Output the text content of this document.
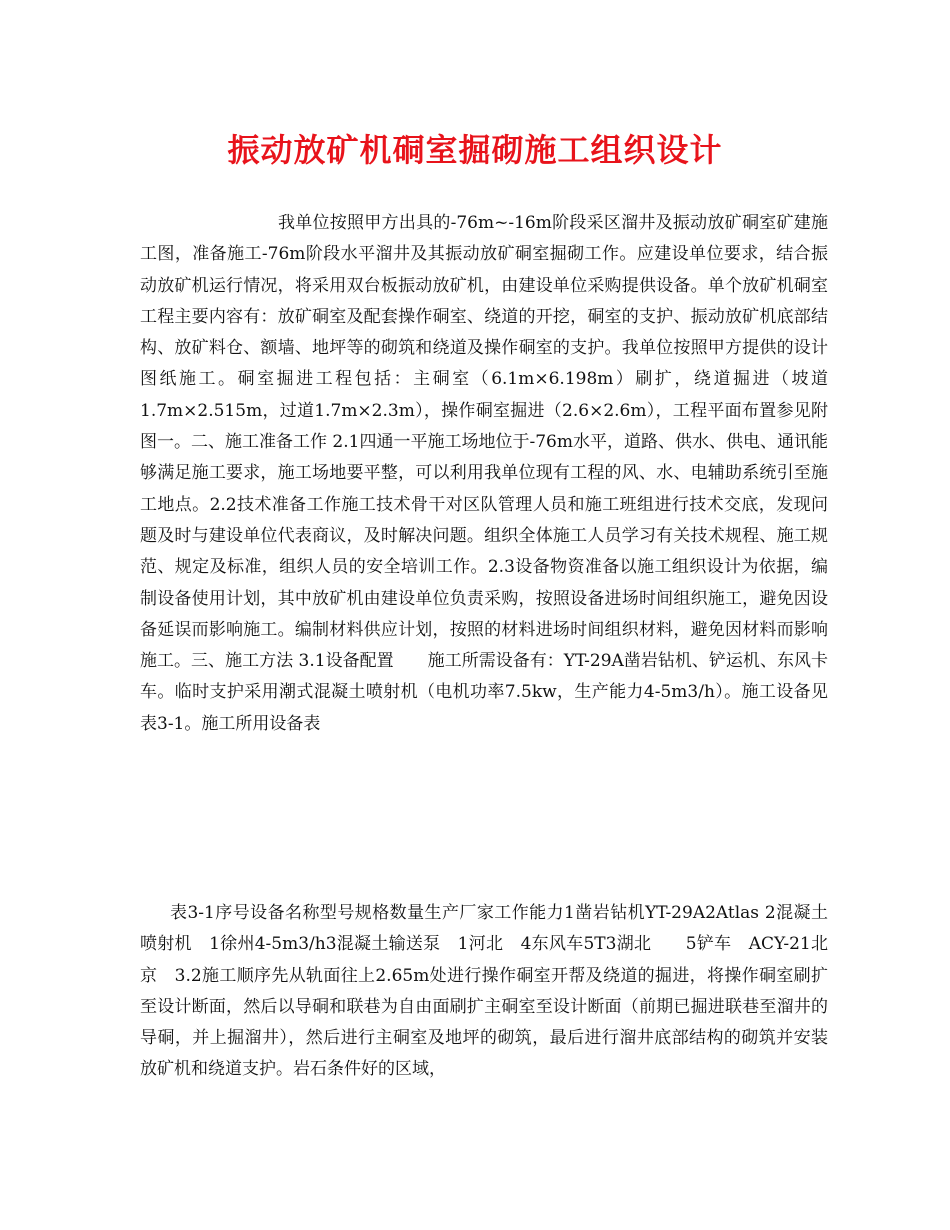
振动放矿机硐室掘砌施工组织设计

我单位按照甲方出具的-76m~-16m阶段采区溜井及振动放矿硐室矿建施工图，准备施工-76m阶段水平溜井及其振动放矿硐室掘砌工作。应建设单位要求，结合振动放矿机运行情况，将采用双台板振动放矿机，由建设单位采购提供设备。单个放矿机硐室工程主要内容有：放矿硐室及配套操作硐室、绕道的开挖，硐室的支护、振动放矿机底部结构、放矿料仓、额墙、地坪等的砌筑和绕道及操作硐室的支护。我单位按照甲方提供的设计图纸施工。硐室掘进工程包括：主硐室（6.1m×6.198m）刷扩，绕道掘进（坡道1.7m×2.515m，过道1.7m×2.3m），操作硐室掘进（2.6×2.6m），工程平面布置参见附图一。二、施工准备工作 2.1四通一平施工场地位于-76m水平，道路、供水、供电、通讯能够满足施工要求，施工场地要平整，可以利用我单位现有工程的风、水、电辅助系统引至施工地点。2.2技术准备工作施工技术骨干对区队管理人员和施工班组进行技术交底，发现问题及时与建设单位代表商议，及时解决问题。组织全体施工人员学习有关技术规程、施工规范、规定及标准，组织人员的安全培训工作。2.3设备物资准备以施工组织设计为依据，编制设备使用计划，其中放矿机由建设单位负责采购，按照设备进场时间组织施工，避免因设备延误而影响施工。编制材料供应计划，按照的材料进场时间组织材料，避免因材料而影响施工。三、施工方法 3.1设备配置　　施工所需设备有：YT-29A凿岩钻机、铲运机、东风卡车。临时支护采用潮式混凝土喷射机（电机功率7.5kw，生产能力4-5m3/h）。施工设备见表3-1。施工所用设备表

表3-1序号设备名称型号规格数量生产厂家工作能力1凿岩钻机YT-29A2Atlas 2混凝土喷射机　1徐州4-5m3/h3混凝土输送泵　1河北　4东风车5T3湖北　　5铲车　ACY-21北京　3.2施工顺序先从轨面往上2.65m处进行操作硐室开帮及绕道的掘进，将操作硐室刷扩至设计断面，然后以导硐和联巷为自由面刷扩主硐室至设计断面（前期已掘进联巷至溜井的导硐，并上掘溜井），然后进行主硐室及地坪的砌筑，最后进行溜井底部结构的砌筑并安装放矿机和绕道支护。岩石条件好的区域，
